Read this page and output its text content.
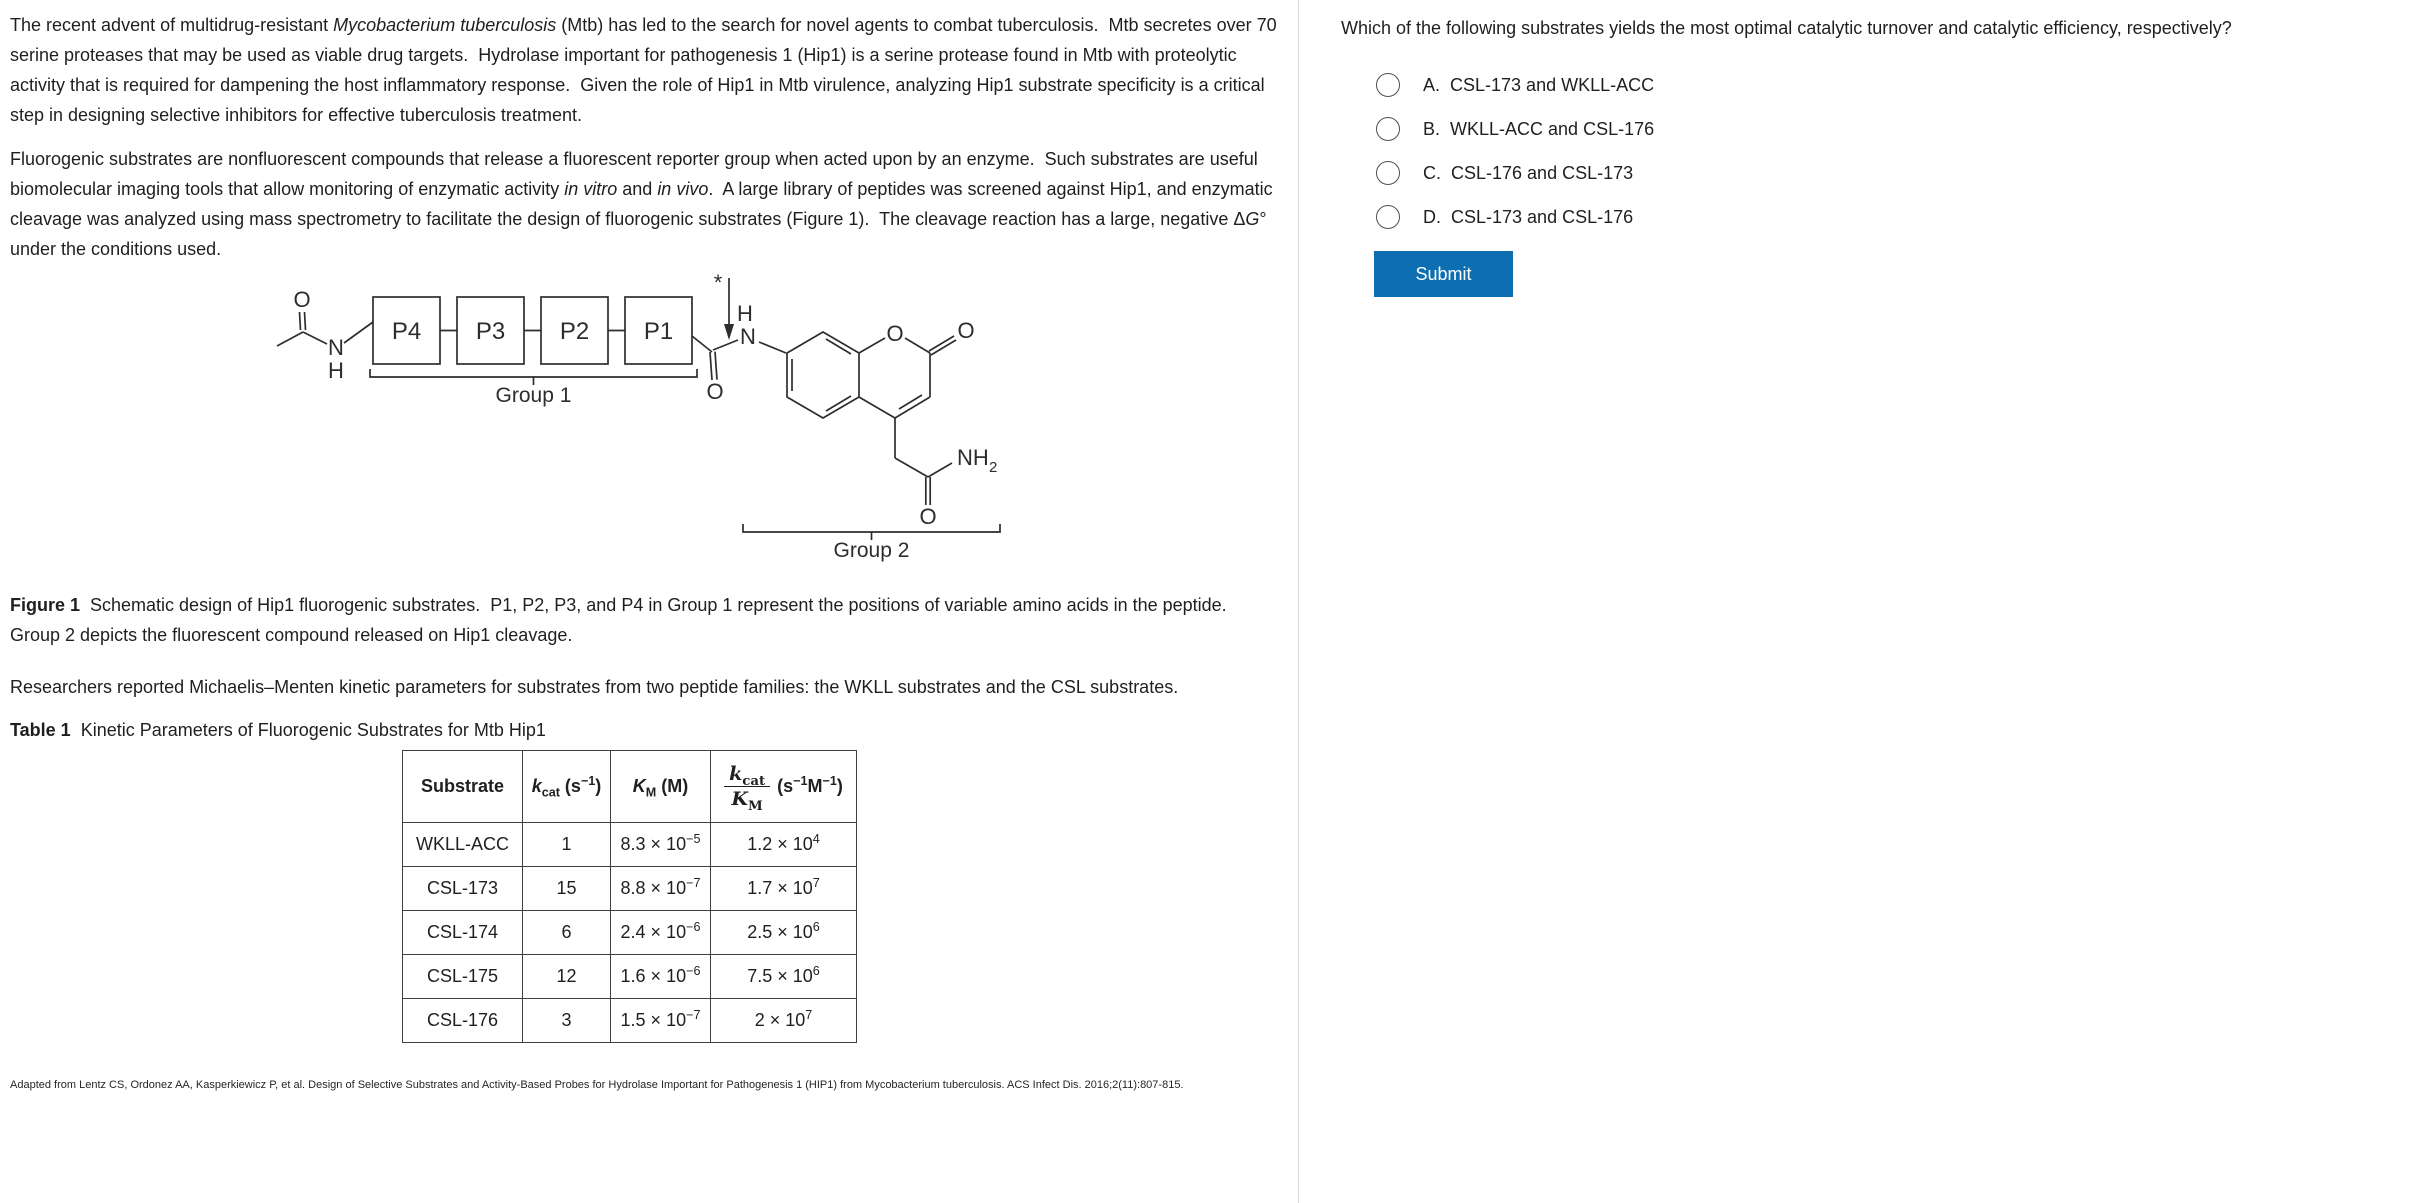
The recent advent of multidrug-resistant Mycobacterium tuberculosis (Mtb) has led to the search for novel agents to combat tuberculosis.  Mtb secretes over 70 serine proteases that may be used as viable drug targets.  Hydrolase important for pathogenesis 1 (Hip1) is a serine protease found in Mtb with proteolytic activity that is required for dampening the host inflammatory response.  Given the role of Hip1 in Mtb virulence, analyzing Hip1 substrate specificity is a critical step in designing selective inhibitors for effective tuberculosis treatment.

Fluorogenic substrates are nonfluorescent compounds that release a fluorescent reporter group when acted upon by an enzyme.  Such substrates are useful biomolecular imaging tools that allow monitoring of enzymatic activity in vitro and in vivo.  A large library of peptides was screened against Hip1, and enzymatic cleavage was analyzed using mass spectrometry to facilitate the design of fluorogenic substrates (Figure 1).  The cleavage reaction has a large, negative ΔG° under the conditions used.

O
N
H
P4 P3 P2 P1
Group 1	O
N
H
*
O O
O
NH 2
Group 2

Figure 1  Schematic design of Hip1 fluorogenic substrates.  P1, P2, P3, and P4 in Group 1 represent the positions of variable amino acids in the peptide.  Group 2 depicts the fluorescent compound released on Hip1 cleavage.

Researchers reported Michaelis–Menten kinetic parameters for substrates from two peptide families: the WKLL substrates and the CSL substrates.

Table 1  Kinetic Parameters of Fluorogenic Substrates for Mtb Hip1

Substrate	$k_{cat}$ $(s^{-1})$	$K_M$ (M)	$\frac{k_{cat}}{K_M} (s^{-1}M^{-1})$

WKLL-ACC	1	$8.3 \times 10^{-5}$	$1.2 \times 10^4$
CSL-173	15	$8.8 \times 10^{-7}$	$1.7 \times 10^7$
CSL-174	6	$2.4 \times 10^{-6}$	$2.5 \times 10^6$
CSL-175	12	$1.6 \times 10^{-6}$	$7.5 \times 10^6$
CSL-176	3	$1.5 \times 10^{-7}$	$2 \times 10^7$

Adapted from Lentz CS, Ordonez AA, Kasperkiewicz P, et al. Design of Selective Substrates and Activity-Based Probes for Hydrolase Important for Pathogenesis 1 (HIP1) from Mycobacterium tuberculosis. ACS Infect Dis. 2016;2(11):807-815.

Which of the following substrates yields the most optimal catalytic turnover and catalytic efficiency, respectively?
A. CSL-173 and WKLL-ACC
B. WKLL-ACC and CSL-176
C. CSL-176 and CSL-173
D. CSL-173 and CSL-176
Submit
